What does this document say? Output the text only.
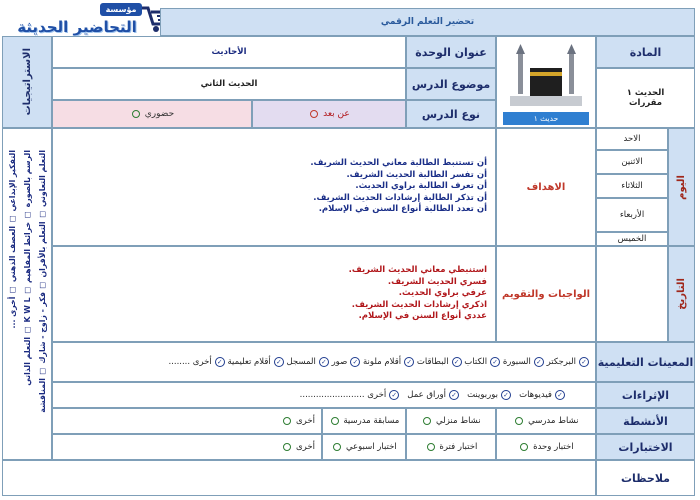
مؤسسة
التحاضير الحديثة	تحضير التعلم الرقمي
المادة
الحديث ١
مقررات
حديث ١
عنوان الوحدة
الأحاديث
موضوع الدرس
الحديث الثاني
نوع الدرس
عن بعد
حضوري
الاستراتيجيات
التعلم التعاوني ☐ التعلم بالأقران ☐ فكر - زاوج - شارك ☐ المناقشة
الرسم بالصورة ☐ خرائط المفاهيم ☐ K W L ☐ التعلم الذاتي
التفكير الإبداعي ☐ العصف الذهني ☐ أخرى ...	اليوم
الاحد
الاثنين
الثلاثاء
الأربعاء
الخميس
التاريخ
الاهداف
أن تستنبط الطالبة معاني الحديث الشريف.
أن تفسر الطالبة الحديث الشريف.
أن تعرف الطالبة براوي الحديث.
أن تذكر الطالبة إرشادات الحديث الشريف.
أن تعدد الطالبة أنواع السنن في الإسلام.
الواجبات والتقويم
استنبطي معاني الحديث الشريف.
فسري الحديث الشريف.
عرفي براوي الحديث.
اذكري إرشادات الحديث الشريف.
عددي أنواع السنن في الإسلام.
المعينات التعليمية
✓البرجكتر ✓السبورة ✓الكتاب ✓البطاقات ✓أقلام ملونة ✓صور ✓المسجل ✓أقلام تعليمية ✓أخرى ........
الإثراءات
✓فيديوهات   ✓بوربوينت   ✓أوراق عمل   ✓أخرى ........................
الأنشطة
نشاط مدرسي
نشاط منزلي
مسابقة مدرسية
أخرى
الاختبارات
اختبار وحدة
اختبار فترة
اختبار اسبوعي
أخرى
ملاحظات
